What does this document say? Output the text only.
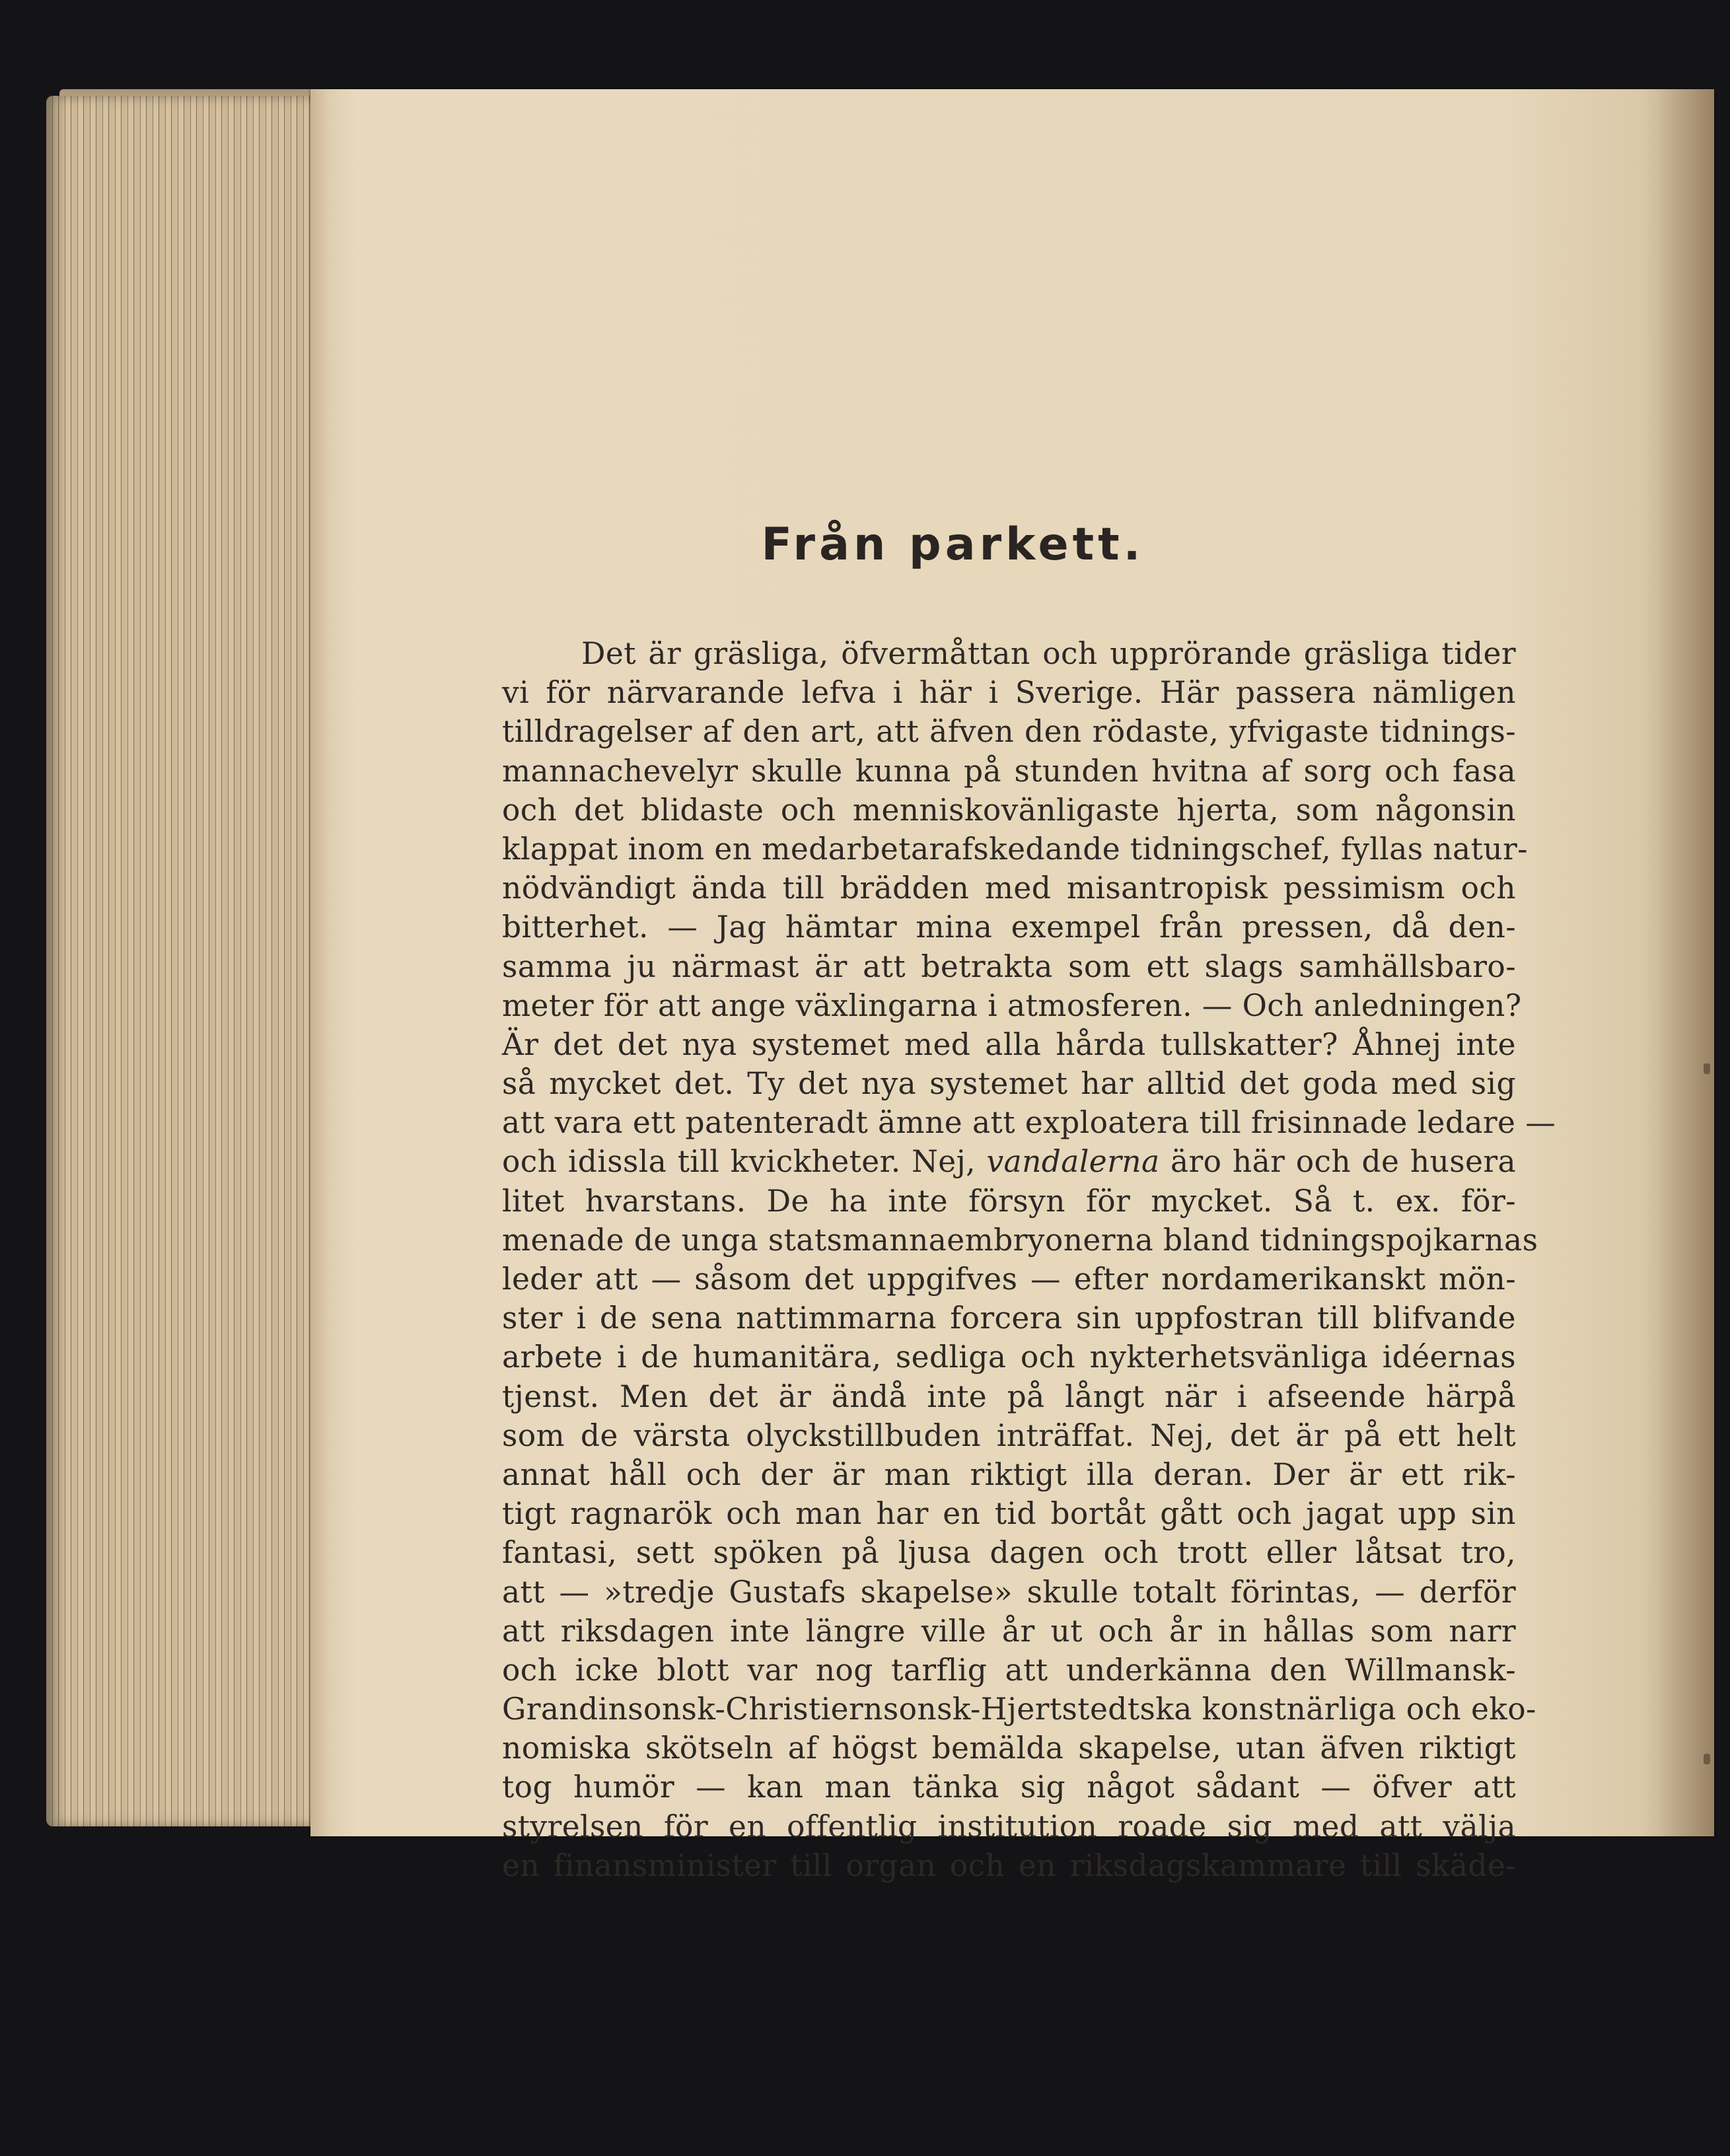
Från parkett.
Det är gräsliga, öfvermåttan och upprörande gräsliga tider
vi för närvarande lefva i här i Sverige. Här passera nämligen
tilldragelser af den art, att äfven den rödaste, yfvigaste tidnings-
mannachevelyr skulle kunna på stunden hvitna af sorg och fasa
och det blidaste och menniskovänligaste hjerta, som någonsin
klappat inom en medarbetarafskedande tidningschef, fyllas natur-
nödvändigt ända till brädden med misantropisk pessimism och
bitterhet. — Jag hämtar mina exempel från pressen, då den-
samma ju närmast är att betrakta som ett slags samhällsbaro-
meter för att ange växlingarna i atmosferen. — Och anledningen?
Är det det nya systemet med alla hårda tullskatter? Åhnej inte
så mycket det. Ty det nya systemet har alltid det goda med sig
att vara ett patenteradt ämne att exploatera till frisinnade ledare —
och idissla till kvickheter. Nej, vandalerna äro här och de husera
litet hvarstans. De ha inte försyn för mycket. Så t. ex. för-
menade de unga statsmannaembryonerna bland tidningspojkarnas
leder att — såsom det uppgifves — efter nordamerikanskt mön-
ster i de sena nattimmarna forcera sin uppfostran till blifvande
arbete i de humanitära, sedliga och nykterhetsvänliga idéernas
tjenst. Men det är ändå inte på långt när i afseende härpå
som de värsta olyckstillbuden inträffat. Nej, det är på ett helt
annat håll och der är man riktigt illa deran. Der är ett rik-
tigt ragnarök och man har en tid bortåt gått och jagat upp sin
fantasi, sett spöken på ljusa dagen och trott eller låtsat tro,
att — »tredje Gustafs skapelse» skulle totalt förintas, — derför
att riksdagen inte längre ville år ut och år in hållas som narr
och icke blott var nog tarflig att underkänna den Willmansk-
Grandinsonsk-Christiernsonsk-Hjertstedtska konstnärliga och eko-
nomiska skötseln af högst bemälda skapelse, utan äfven riktigt
tog humör — kan man tänka sig något sådant — öfver att
styrelsen för en offentlig institution roade sig med att välja
en finansminister till organ och en riksdagskammare till skäde-
